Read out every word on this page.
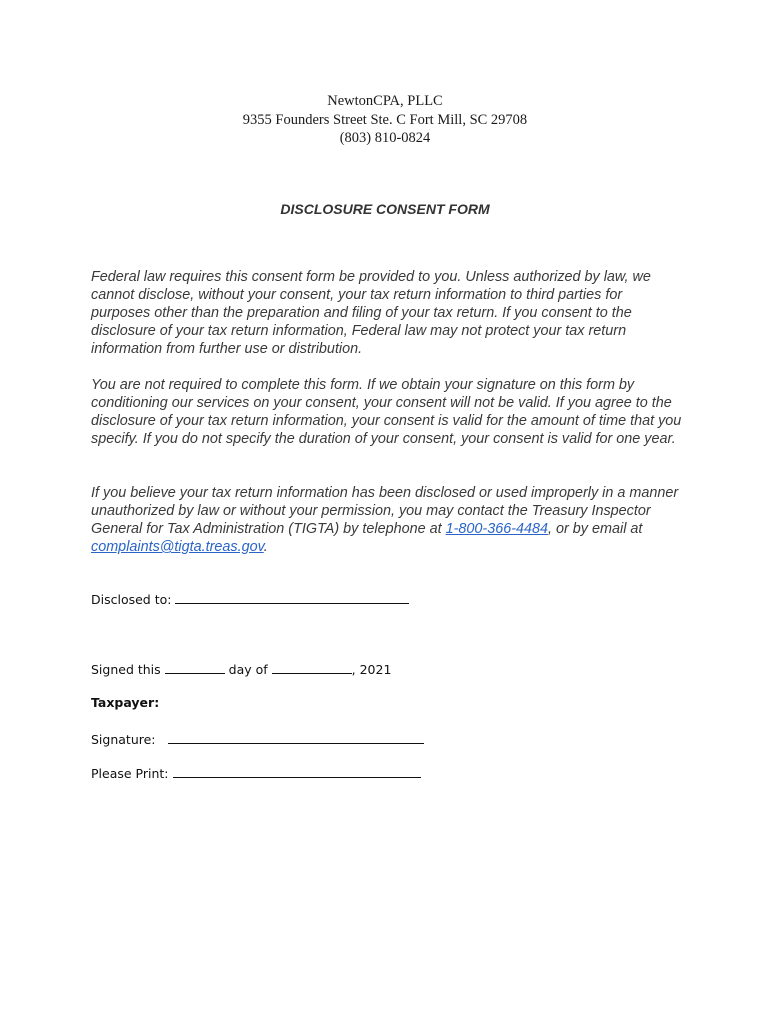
NewtonCPA, PLLC
9355 Founders Street Ste. C Fort Mill, SC 29708
(803) 810-0824
DISCLOSURE CONSENT FORM

Federal law requires this consent form be provided to you. Unless authorized by law, we cannot disclose, without your consent, your tax return information to third parties for purposes other than the preparation and filing of your tax return. If you consent to the disclosure of your tax return information, Federal law may not protect your tax return information from further use or distribution.

You are not required to complete this form. If we obtain your signature on this form by conditioning our services on your consent, your consent will not be valid. If you agree to the disclosure of your tax return information, your consent is valid for the amount of time that you specify. If you do not specify the duration of your consent, your consent is valid for one year.

If you believe your tax return information has been disclosed or used improperly in a manner unauthorized by law or without your permission, you may contact the Treasury Inspector General for Tax Administration (TIGTA) by telephone at 1-800-366-4484, or by email at complaints@tigta.treas.gov.

Disclosed to:
Signed this	day of	, 2021
Taxpayer:
Signature:
Please Print:
